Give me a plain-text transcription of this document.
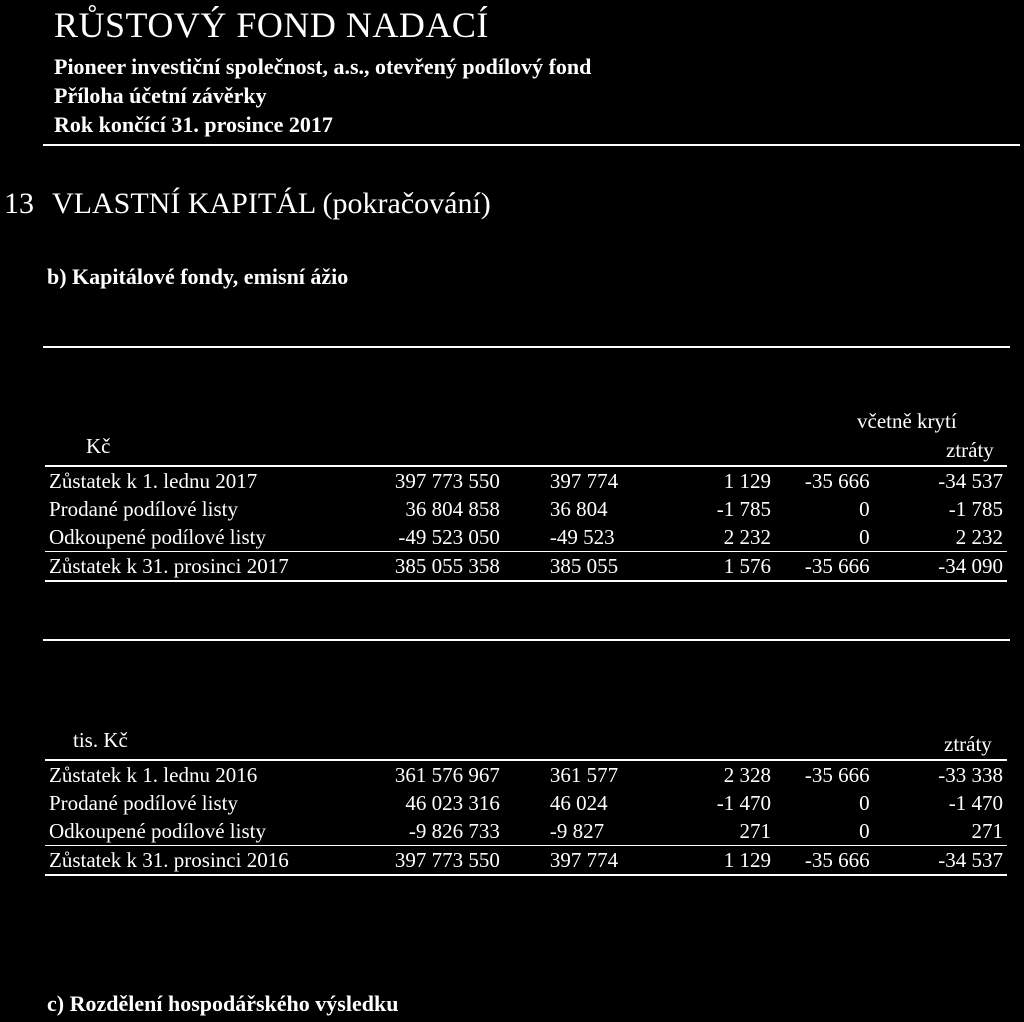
RŮSTOVÝ FOND NADACÍ
Pioneer investiční společnost, a.s., otevřený podílový fond
Příloha účetní závěrky
Rok končící 31. prosince 2017
13 VLASTNÍ KAPITÁL (pokračování)
b) Kapitálové fondy, emisní ážio
včetně krytí
Kč	ztráty
Zůstatek k 1. lednu 2017	397 773 550	397 774	1 129	-35 666	-34 537
Prodané podílové listy	36 804 858	36 804	-1 785	0	-1 785
Odkoupené podílové listy	-49 523 050	-49 523	2 232	0	2 232
Zůstatek k 31. prosinci 2017	385 055 358	385 055	1 576	-35 666	-34 090
tis. Kč	ztráty
Zůstatek k 1. lednu 2016	361 576 967	361 577	2 328	-35 666	-33 338
Prodané podílové listy	46 023 316	46 024	-1 470	0	-1 470
Odkoupené podílové listy	-9 826 733	-9 827	271	0	271
Zůstatek k 31. prosinci 2016	397 773 550	397 774	1 129	-35 666	-34 537
c) Rozdělení hospodářského výsledku
